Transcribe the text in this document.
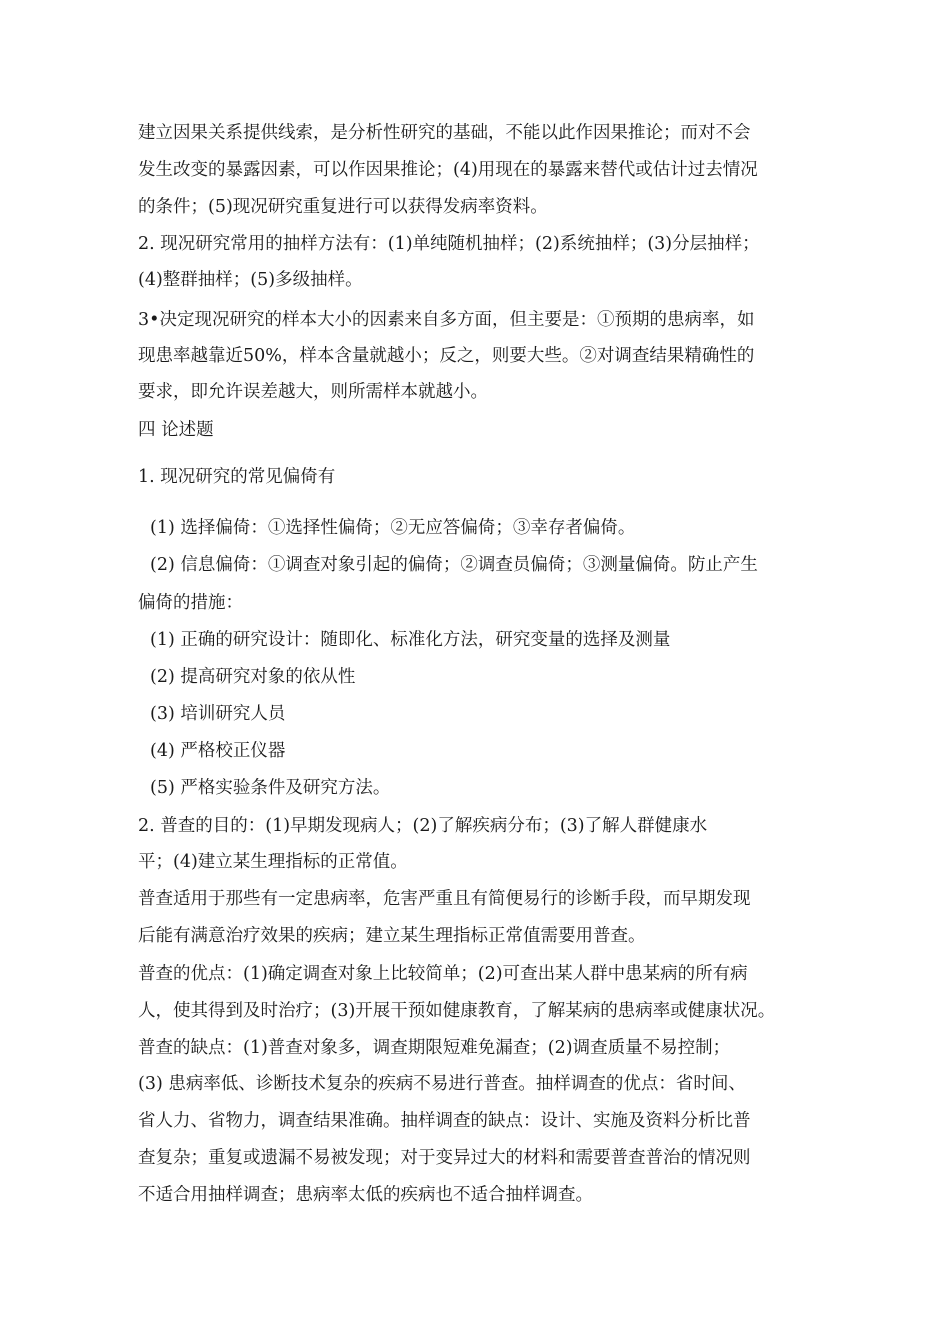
建立因果关系提供线索，是分析性研究的基础，不能以此作因果推论；而对不会
发生改变的暴露因素，可以作因果推论；(4)用现在的暴露来替代或估计过去情况
的条件；(5)现况研究重复进行可以获得发病率资料。
2. 现况研究常用的抽样方法有：(1)单纯随机抽样；(2)系统抽样；(3)分层抽样；
(4)整群抽样；(5)多级抽样。
3•决定现况研究的样本大小的因素来自多方面，但主要是：①预期的患病率，如
现患率越靠近50%，样本含量就越小；反之，则要大些。②对调查结果精确性的
要求，即允许误差越大，则所需样本就越小。
四 论述题
1. 现况研究的常见偏倚有
(1) 选择偏倚：①选择性偏倚；②无应答偏倚；③幸存者偏倚。
(2) 信息偏倚：①调查对象引起的偏倚；②调查员偏倚；③测量偏倚。防止产生
偏倚的措施：
(1) 正确的研究设计：随即化、标准化方法，研究变量的选择及测量
(2) 提高研究对象的依从性
(3) 培训研究人员
(4) 严格校正仪器
(5) 严格实验条件及研究方法。
2. 普查的目的：(1)早期发现病人；(2)了解疾病分布；(3)了解人群健康水
平；(4)建立某生理指标的正常值。
普查适用于那些有一定患病率，危害严重且有简便易行的诊断手段，而早期发现
后能有满意治疗效果的疾病；建立某生理指标正常值需要用普查。
普查的优点：(1)确定调查对象上比较简单；(2)可查出某人群中患某病的所有病
人，使其得到及时治疗；(3)开展干预如健康教育，了解某病的患病率或健康状况。
普查的缺点：(1)普查对象多，调查期限短难免漏查；(2)调查质量不易控制；
(3) 患病率低、诊断技术复杂的疾病不易进行普查。抽样调查的优点：省时间、
省人力、省物力，调查结果准确。抽样调查的缺点：设计、实施及资料分析比普
查复杂；重复或遗漏不易被发现；对于变异过大的材料和需要普查普治的情况则
不适合用抽样调查；患病率太低的疾病也不适合抽样调查。
